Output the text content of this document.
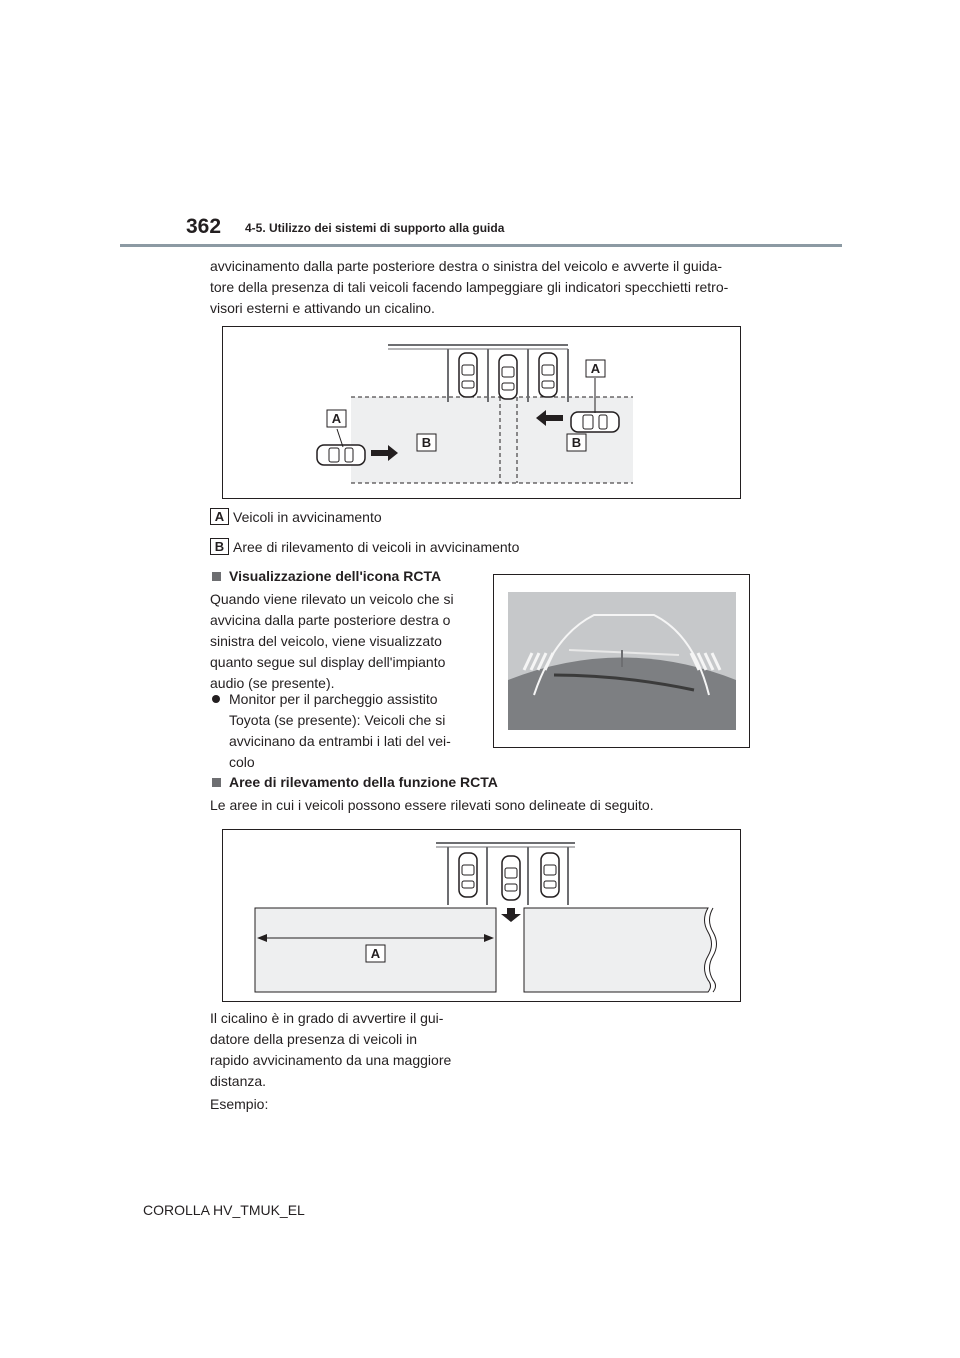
362 4-5. Utilizzo dei sistemi di supporto alla guida
avvicinamento dalla parte posteriore destra o sinistra del veicolo e avverte il guida-
tore della presenza di tali veicoli facendo lampeggiare gli indicatori specchietti retro-
visori esterni e attivando un cicalino.
A
A
B	B
A Veicoli in avvicinamento
B Aree di rilevamento di veicoli in avvicinamento
Visualizzazione dell'icona RCTA
Quando viene rilevato un veicolo che si
avvicina dalla parte posteriore destra o
sinistra del veicolo, viene visualizzato
quanto segue sul display dell'impianto
audio (se presente).
Monitor per il parcheggio assistito
Toyota (se presente): Veicoli che si
avvicinano da entrambi i lati del vei-
colo
Aree di rilevamento della funzione RCTA
Le aree in cui i veicoli possono essere rilevati sono delineate di seguito.
A
Il cicalino è in grado di avvertire il gui-
datore della presenza di veicoli in
rapido avvicinamento da una maggiore
distanza.
Esempio:
COROLLA HV_TMUK_EL
